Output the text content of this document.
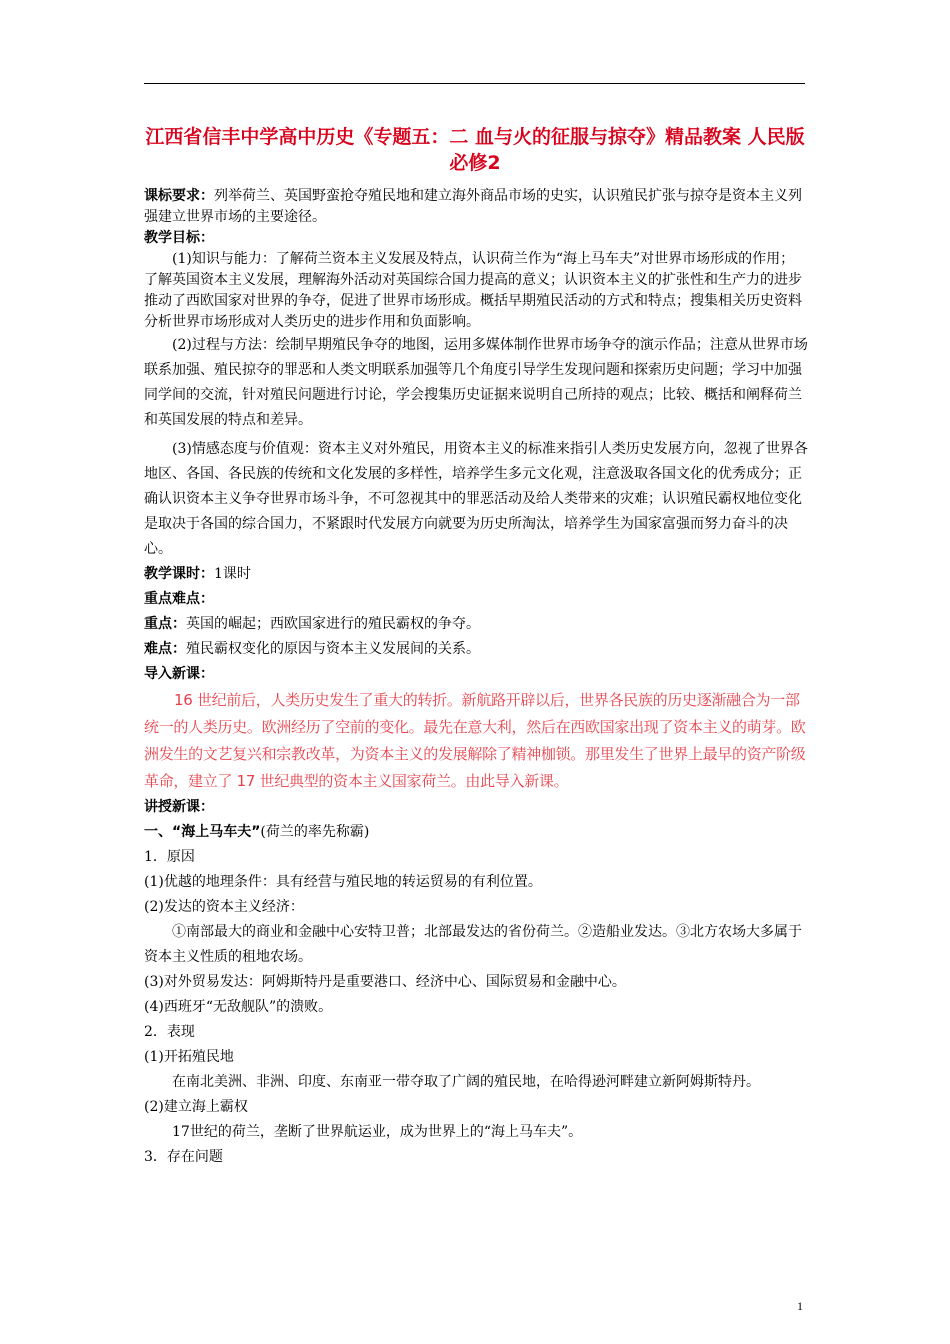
江西省信丰中学高中历史《专题五：二 血与火的征服与掠夺》精品教案 人民版必修2

课标要求：列举荷兰、英国野蛮抢夺殖民地和建立海外商品市场的史实，认识殖民扩张与掠夺是资本主义列强建立世界市场的主要途径。

教学目标：

(1)知识与能力：了解荷兰资本主义发展及特点，认识荷兰作为“海上马车夫”对世界市场形成的作用；了解英国资本主义发展，理解海外活动对英国综合国力提高的意义；认识资本主义的扩张性和生产力的进步推动了西欧国家对世界的争夺，促进了世界市场形成。概括早期殖民活动的方式和特点；搜集相关历史资料分析世界市场形成对人类历史的进步作用和负面影响。

(2)过程与方法：绘制早期殖民争夺的地图，运用多媒体制作世界市场争夺的演示作品；注意从世界市场联系加强、殖民掠夺的罪恶和人类文明联系加强等几个角度引导学生发现问题和探索历史问题；学习中加强同学间的交流，针对殖民问题进行讨论，学会搜集历史证据来说明自己所持的观点；比较、概括和阐释荷兰和英国发展的特点和差异。

(3)情感态度与价值观：资本主义对外殖民，用资本主义的标准来指引人类历史发展方向，忽视了世界各地区、各国、各民族的传统和文化发展的多样性，培养学生多元文化观，注意汲取各国文化的优秀成分；正确认识资本主义争夺世界市场斗争，不可忽视其中的罪恶活动及给人类带来的灾难；认识殖民霸权地位变化是取决于各国的综合国力，不紧跟时代发展方向就要为历史所淘汰，培养学生为国家富强而努力奋斗的决心。

教学课时：1课时

重点难点：

重点：英国的崛起；西欧国家进行的殖民霸权的争夺。

难点：殖民霸权变化的原因与资本主义发展间的关系。

导入新课：

16 世纪前后，人类历史发生了重大的转折。新航路开辟以后，世界各民族的历史逐渐融合为一部统一的人类历史。欧洲经历了空前的变化。最先在意大利，然后在西欧国家出现了资本主义的萌芽。欧洲发生的文艺复兴和宗教改革，为资本主义的发展解除了精神枷锁。那里发生了世界上最早的资产阶级革命，建立了 17 世纪典型的资本主义国家荷兰。由此导入新课。

讲授新课：

一、“海上马车夫”(荷兰的率先称霸)

1．原因

(1)优越的地理条件：具有经营与殖民地的转运贸易的有利位置。

(2)发达的资本主义经济：

①南部最大的商业和金融中心安特卫普；北部最发达的省份荷兰。②造船业发达。③北方农场大多属于资本主义性质的租地农场。

(3)对外贸易发达：阿姆斯特丹是重要港口、经济中心、国际贸易和金融中心。

(4)西班牙“无敌舰队”的溃败。

2．表现

(1)开拓殖民地

在南北美洲、非洲、印度、东南亚一带夺取了广阔的殖民地，在哈得逊河畔建立新阿姆斯特丹。

(2)建立海上霸权

17世纪的荷兰，垄断了世界航运业，成为世界上的“海上马车夫”。

3．存在问题

1
